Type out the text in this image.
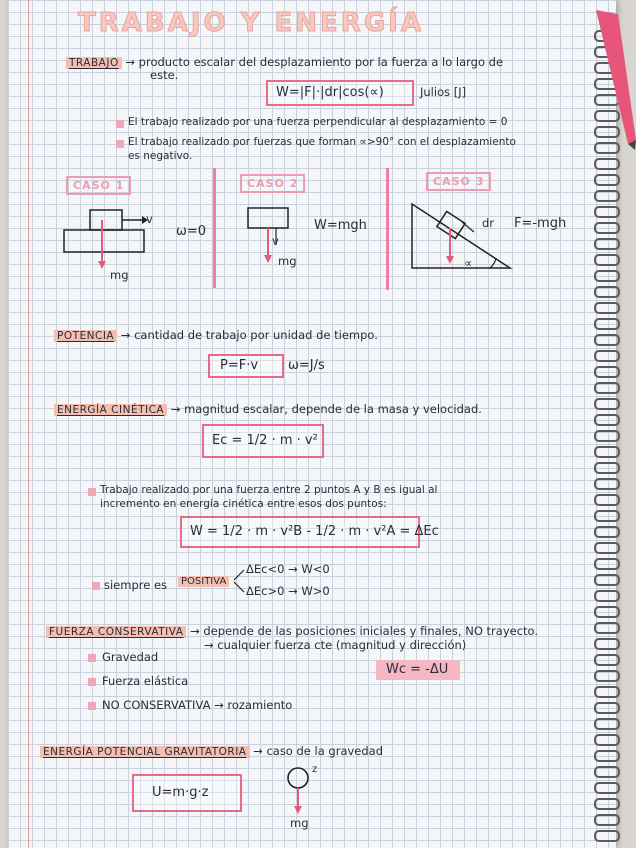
TRABAJO Y ENERGÍA
TRABAJO → producto escalar del desplazamiento por la fuerza a lo largo de
este.
W=|F|·|dr|cos(∝)	Julios [J]
El trabajo realizado por una fuerza perpendicular al desplazamiento = 0
El trabajo realizado por fuerzas que forman ∝>90° con el desplazamiento
es negativo.
CASO 1	CASO 2	CASO 3
v
mg
ω=0
v
mg
W=mgh	dr
∝
F=-mgh
POTENCIA → cantidad de trabajo por unidad de tiempo.
P=F·v ω=J/s
ENERGÍA CINÉTICA → magnitud escalar, depende de la masa y velocidad.
Ec = 1/2 · m · v²
Trabajo realizado por una fuerza entre 2 puntos A y B es igual al
incremento en energía cinética entre esos dos puntos:
W = 1/2 · m · v²B - 1/2 · m · v²A = ΔEc
siempre es	POSITIVA
ΔEc<0 → W<0
ΔEc>0 → W>0
FUERZA CONSERVATIVA → depende de las posiciones iniciales y finales, NO trayecto.
→ cualquier fuerza cte (magnitud y dirección)
Gravedad
Fuerza elástica
NO CONSERVATIVA → rozamiento
Wc = -ΔU
ENERGÍA POTENCIAL GRAVITATORIA → caso de la gravedad
U=m·g·z
z
mg
